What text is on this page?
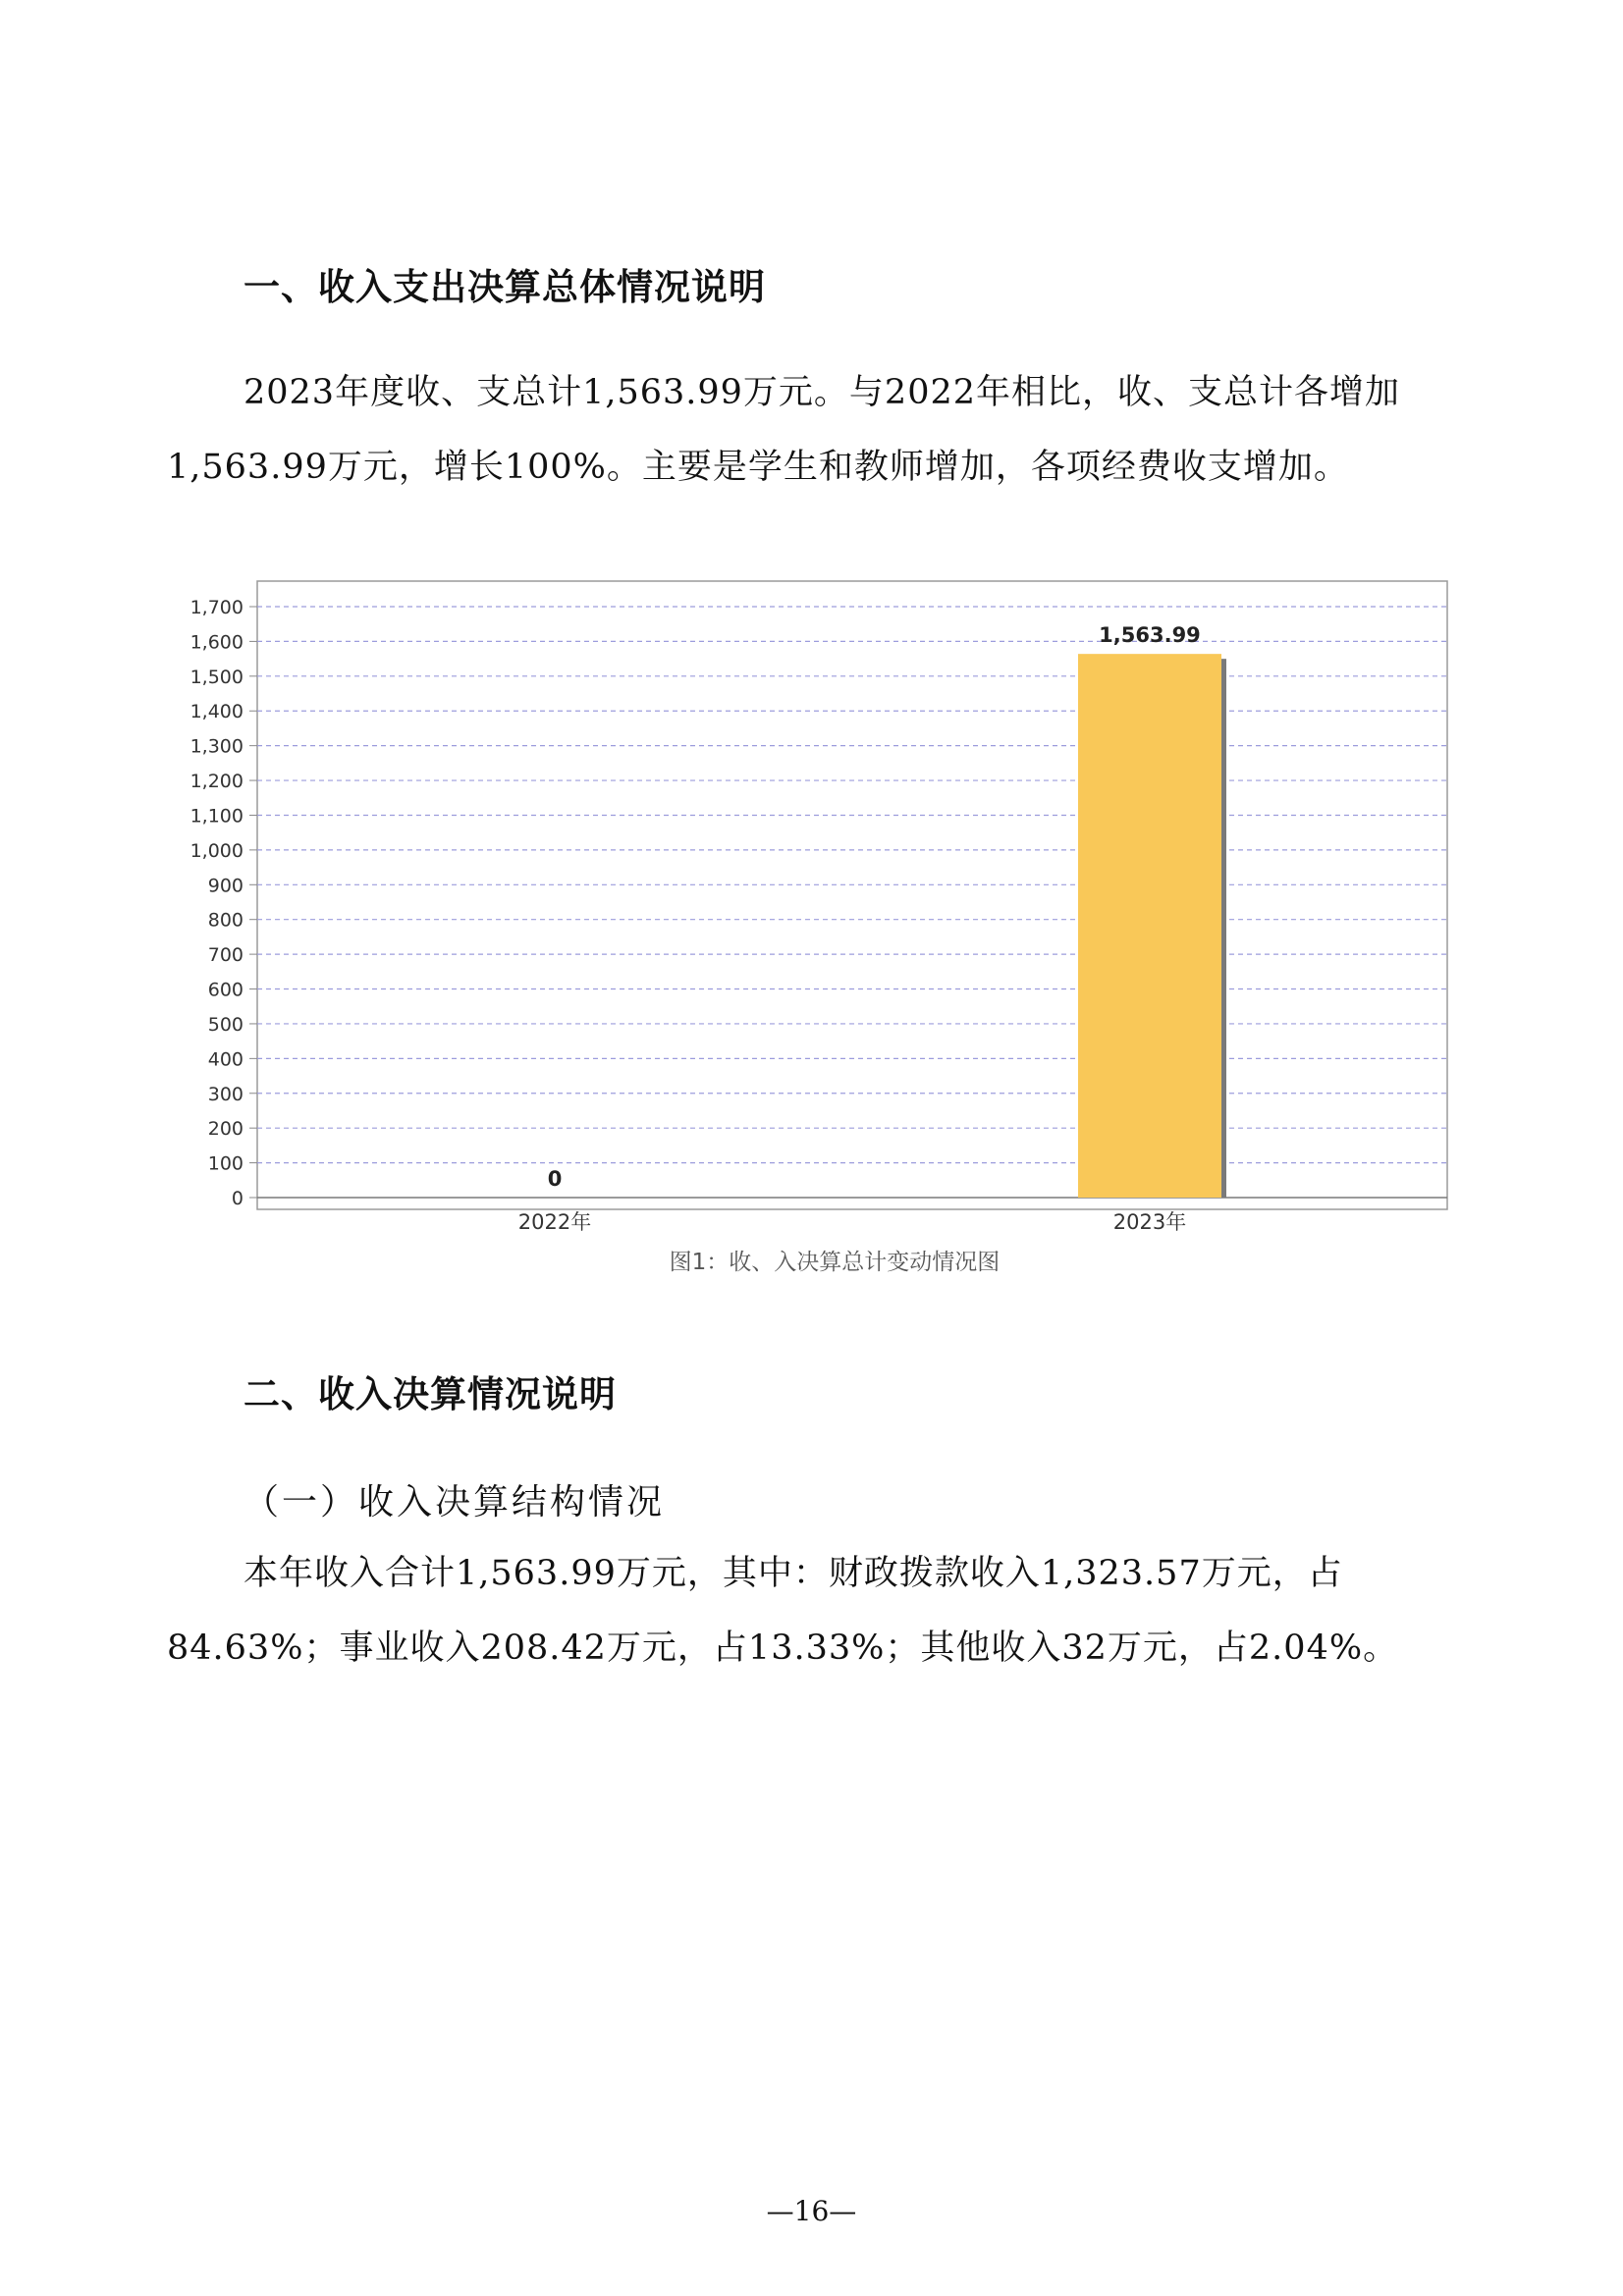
一、收入支出决算总体情况说明

2023年度收、支总计1,563.99万元。与2022年相比，收、支总计各增加1,563.99万元，增长100%。主要是学生和教师增加，各项经费收支增加。

0
100
200
300
400
500
600
700
800
900
1,000
1,100
1,200
1,300
1,400
1,500
1,600
1,700
0
1,563.99
2022年	2023年
图1：收、入决算总计变动情况图
二、收入决算情况说明
（一）收入决算结构情况

本年收入合计1,563.99万元，其中：财政拨款收入1,323.57万元，占84.63%；事业收入208.42万元，占13.33%；其他收入32万元，占2.04%。

—16—
